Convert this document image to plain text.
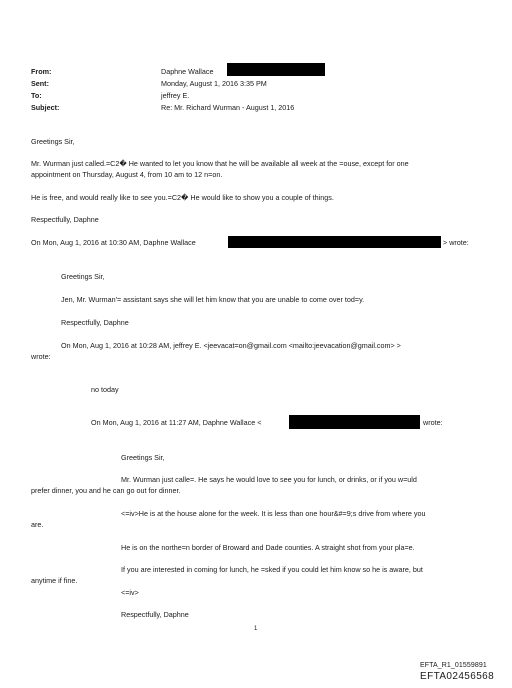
From:	Daphne Wallace
Sent:	Monday, August 1, 2016 3:35 PM
To:	jeffrey E.
Subject:	Re: Mr. Richard Wurman - August 1, 2016
Greetings Sir,
Mr. Wurman just called.=C2� He wanted to let you know that he will be available all week at the =ouse, except for one
appointment on Thursday, August 4, from 10 am to 12 n=on.
He is free, and would really like to see you.=C2� He would like to show you a couple of things.
Respectfully, Daphne
On Mon, Aug 1, 2016 at 10:30 AM, Daphne Wallace	> wrote:
Greetings Sir,
Jen, Mr. Wurman'= assistant says she will let him know that you are unable to come over tod=y.
Respectfully, Daphne
On Mon, Aug 1, 2016 at 10:28 AM, jeffrey E. <jeevacat=on@gmail.com <mailto:jeevacation@gmail.com> >
wrote:
no today
On Mon, Aug 1, 2016 at 11:27 AM, Daphne Wallace <	wrote:
Greetings Sir,
Mr. Wurman just calle=. He says he would love to see you for lunch, or drinks, or if you w=uld
prefer dinner, you and he can go out for dinner.
<=iv>He is at the house alone for the week. It is less than one hour&#=9;s drive from where you
are.
He is on the northe=n border of Broward and Dade counties. A straight shot from your pla=e.
If you are interested in coming for lunch, he =sked if you could let him know so he is aware, but
anytime if fine.
<=iv>
Respectfully, Daphne
1
EFTA_R1_01559891
EFTA02456568
